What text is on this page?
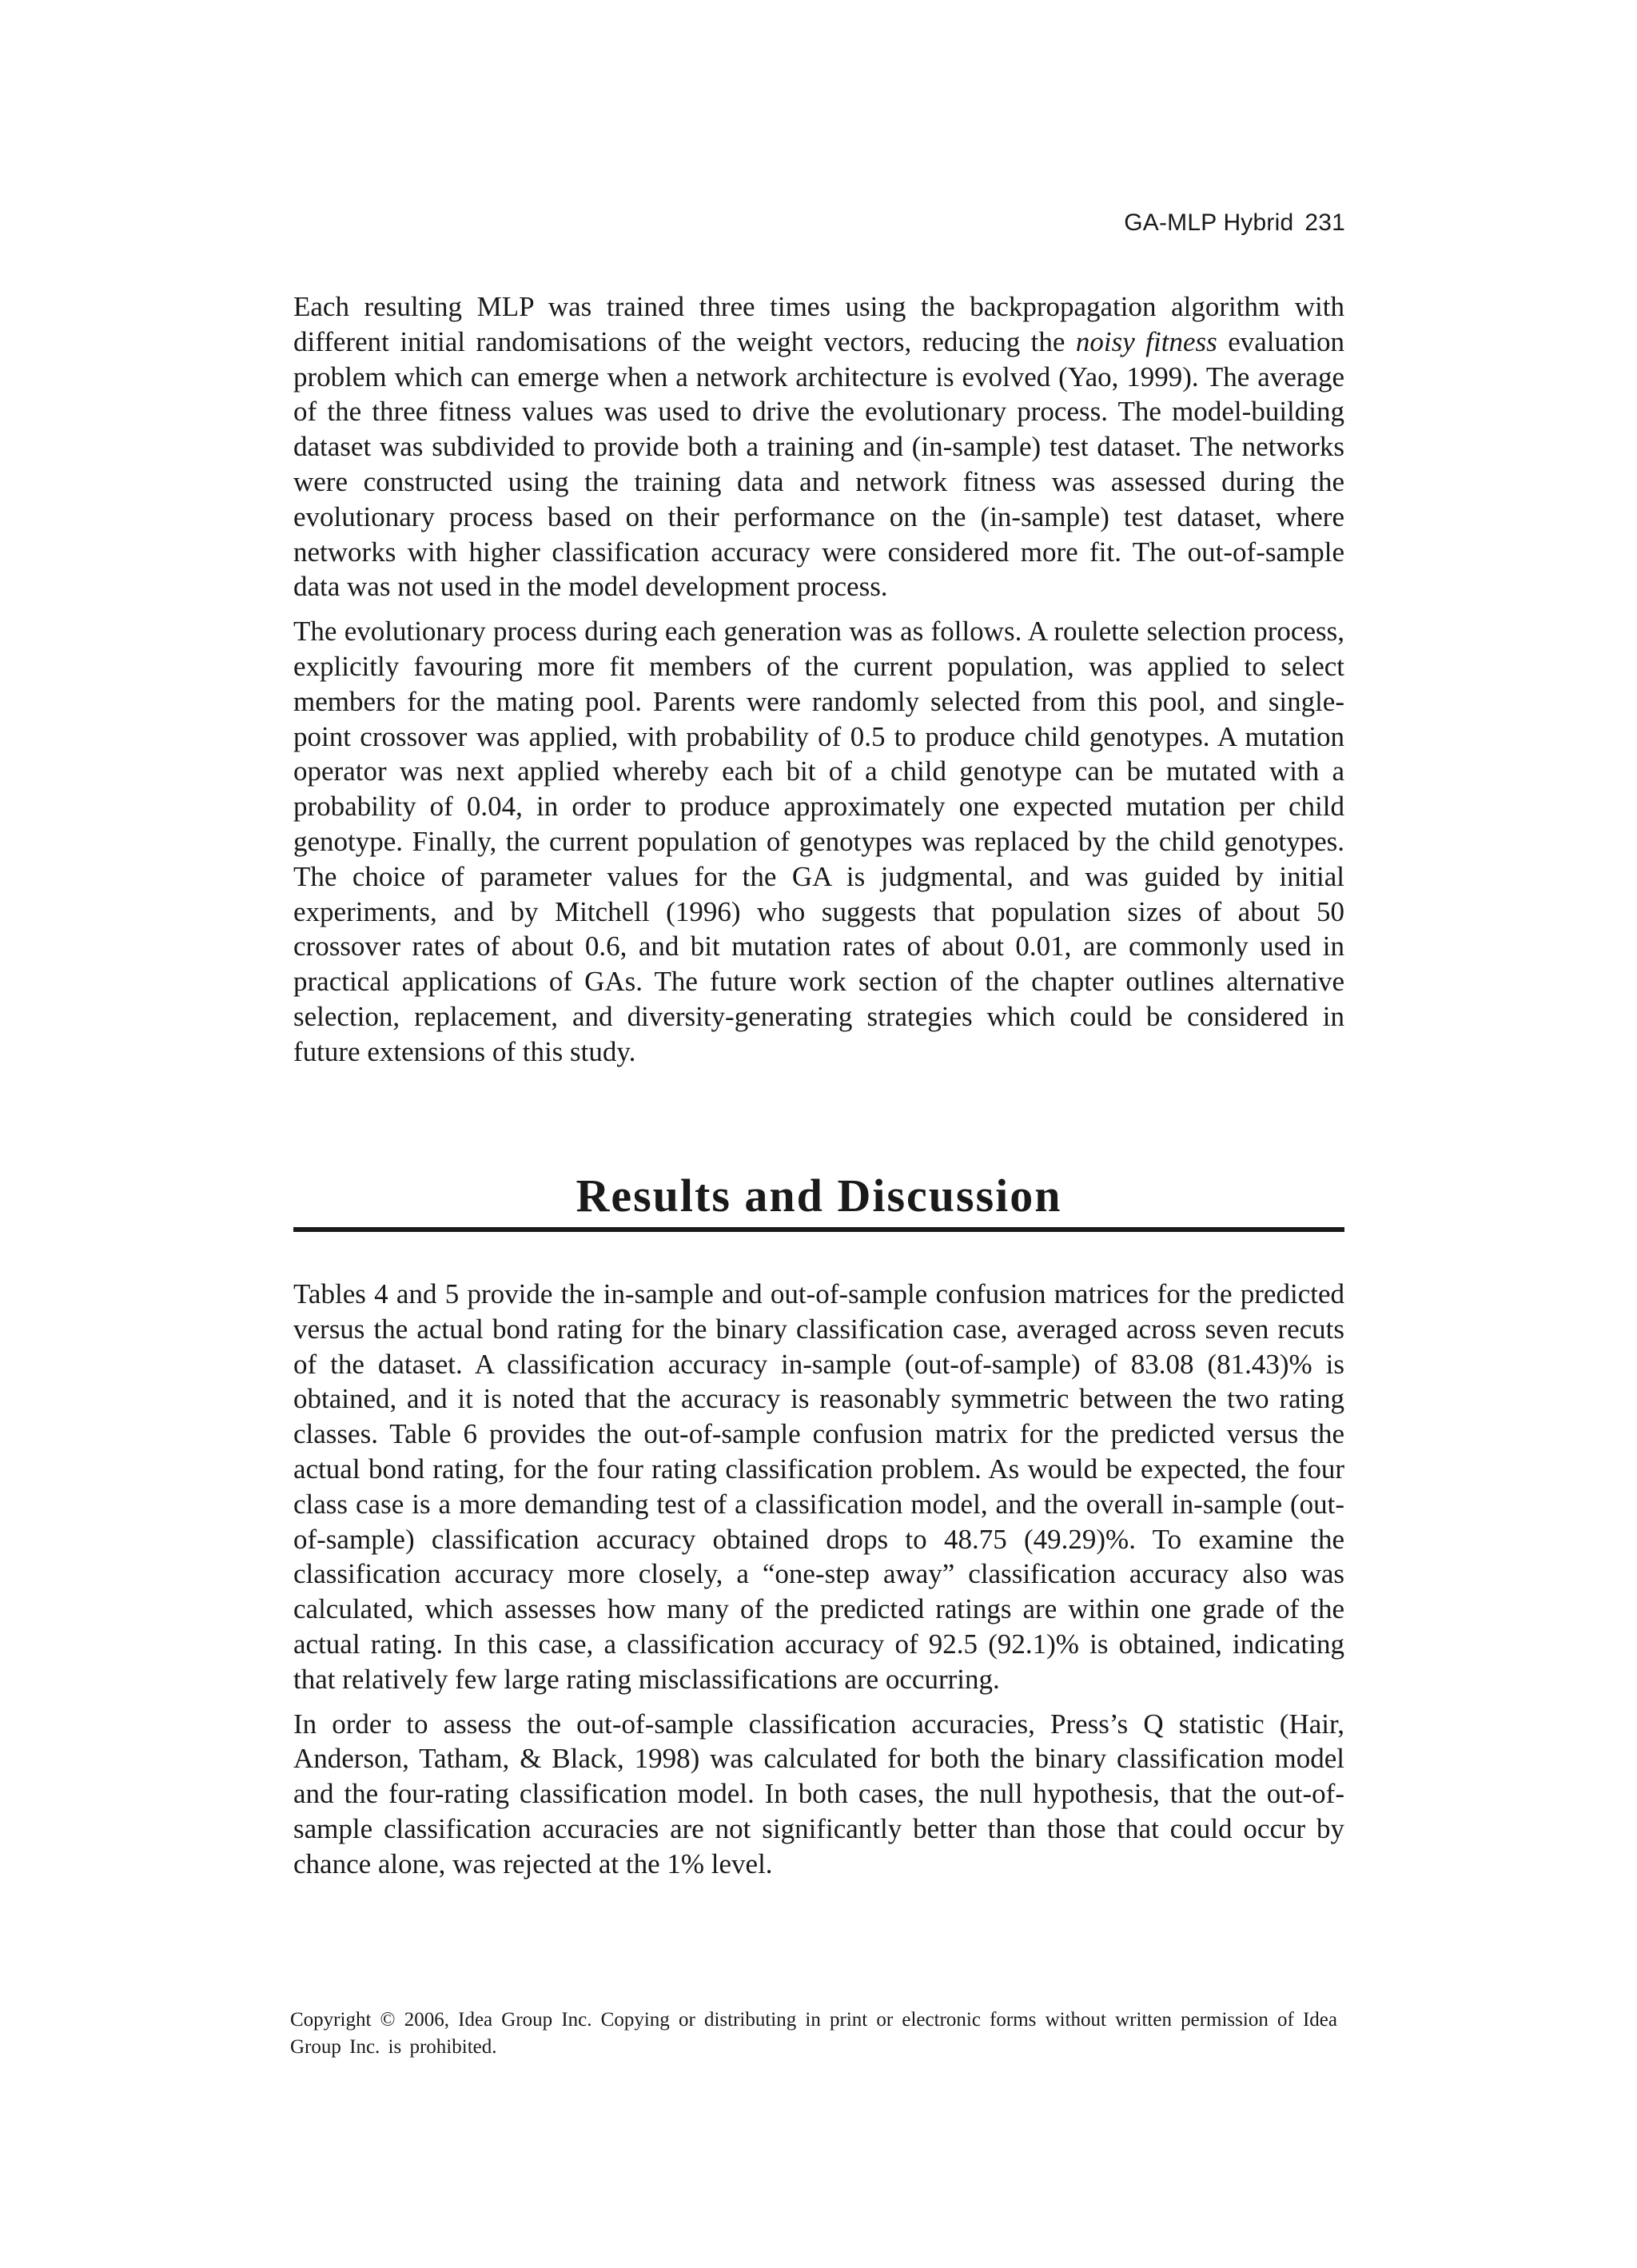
GA-MLP Hybrid 231

Each resulting MLP was trained three times using the backpropagation algorithm with different initial randomisations of the weight vectors, reducing the noisy fitness evaluation problem which can emerge when a network architecture is evolved (Yao, 1999). The average of the three fitness values was used to drive the evolutionary process. The model-building dataset was subdivided to provide both a training and (in-sample) test dataset. The networks were constructed using the training data and network fitness was assessed during the evolutionary process based on their performance on the (in-sample) test dataset, where networks with higher classification accuracy were considered more fit. The out-of-sample data was not used in the model development process.

The evolutionary process during each generation was as follows. A roulette selection process, explicitly favouring more fit members of the current population, was applied to select members for the mating pool. Parents were randomly selected from this pool, and single-point crossover was applied, with probability of 0.5 to produce child genotypes. A mutation operator was next applied whereby each bit of a child genotype can be mutated with a probability of 0.04, in order to produce approximately one expected mutation per child genotype. Finally, the current population of genotypes was replaced by the child genotypes. The choice of parameter values for the GA is judgmental, and was guided by initial experiments, and by Mitchell (1996) who suggests that population sizes of about 50 crossover rates of about 0.6, and bit mutation rates of about 0.01, are commonly used in practical applications of GAs. The future work section of the chapter outlines alternative selection, replacement, and diversity-generating strategies which could be considered in future extensions of this study.

Results and Discussion

Tables 4 and 5 provide the in-sample and out-of-sample confusion matrices for the predicted versus the actual bond rating for the binary classification case, averaged across seven recuts of the dataset. A classification accuracy in-sample (out-of-sample) of 83.08 (81.43)% is obtained, and it is noted that the accuracy is reasonably symmetric between the two rating classes. Table 6 provides the out-of-sample confusion matrix for the predicted versus the actual bond rating, for the four rating classification problem. As would be expected, the four class case is a more demanding test of a classification model, and the overall in-sample (out-of-sample) classification accuracy obtained drops to 48.75 (49.29)%. To examine the classification accuracy more closely, a “one-step away” classification accuracy also was calculated, which assesses how many of the predicted ratings are within one grade of the actual rating. In this case, a classification accuracy of 92.5 (92.1)% is obtained, indicating that relatively few large rating misclassifications are occurring.

In order to assess the out-of-sample classification accuracies, Press’s Q statistic (Hair, Anderson, Tatham, & Black, 1998) was calculated for both the binary classification model and the four-rating classification model. In both cases, the null hypothesis, that the out-of-sample classification accuracies are not significantly better than those that could occur by chance alone, was rejected at the 1% level.

Copyright © 2006, Idea Group Inc. Copying or distributing in print or electronic forms without written permission of Idea Group Inc. is prohibited.
